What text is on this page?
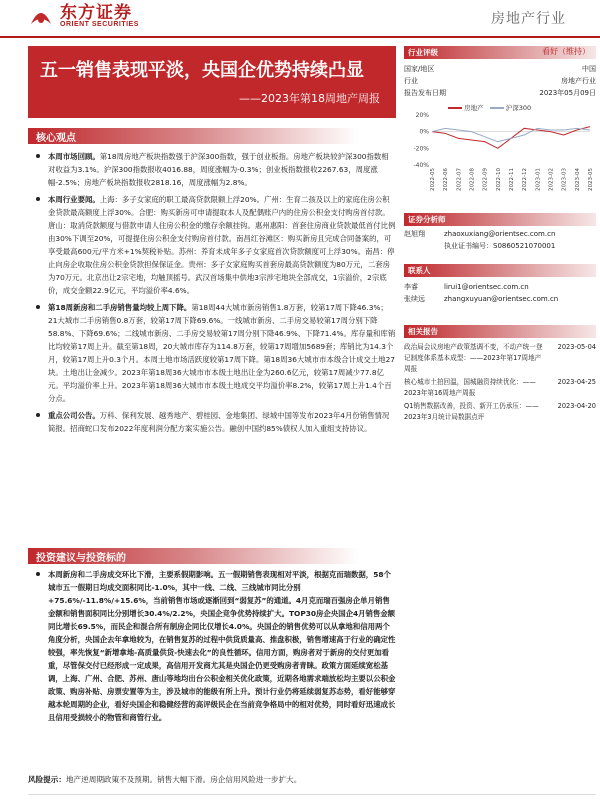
东方证券
ORIENT SECURITIES	房地产行业
五一销售表现平淡，央国企优势持续凸显
——2023年第18周地产周报
核心观点
本周市场回顾。第18周房地产板块指数强于沪深300指数，强于创业板指。房地产板块较沪深300指数相对收益为3.1%。沪深300指数报收4016.88，周度涨幅为-0.3%；创业板指数报收2267.63，周度涨幅-2.5%；房地产板块指数报收2818.16，周度涨幅为2.8%。
本周行业要闻。上海：多子女家庭的职工最高贷款限额上浮20%。广州：生育二孩及以上的家庭住房公积金贷款最高额度上浮30%。合肥：购买新房可申请提取本人及配偶账户内的住房公积金支付购房首付款。唐山：取消贷款额度与借款申请人住房公积金的缴存余额挂钩。惠州惠阳：首套住房商业贷款最低首付比例由30%下调至20%，可提提住房公积金支付购房首付款。南昌红谷滩区：购买新房且完成合同备案的，可享受最高600元/平方米+1%契税补贴。苏州：养育未成年多子女家庭首次贷款额度可上浮30%。南昌：停止向房企收取住房公积金贷款担保保证金。贵州：多子女家庭购买首套房最高贷款额度为80万元，二套房为70万元。北京出让2宗宅地，均触顶摇号。武汉首场集中供地3宗涉宅地块全部成交，1宗溢价，2宗底价，成交金额22.9亿元，平均溢价率4.6%。
第18周新房和二手房销售量均较上周下降。第18周44大城市新房销售1.8万套，较第17周下降46.3%；21大城市二手房销售0.8万套，较第17周下降69.6%。一线城市新房、二手房交易较第17周分别下降58.8%、下降69.6%；二线城市新房、二手房交易较第17周分别下降46.9%、下降71.4%。库存量和库销比均较第17周上升。截至第18周，20大城市库存为114.8万套，较第17周增加5689套；库销比为14.3个月，较第17周上升0.3个月。本周土地市场活跃度较第17周下降。第18周36大城市市本级合计成交土地27块。土地出让金减少。2023年第18周36大城市市本级土地出让金为260.6亿元，较第17周减少77.8亿元。平均溢价率上升。2023年第18周36大城市市本级土地成交平均溢价率8.2%，较第17周上升1.4个百分点。
重点公司公告。万科、保利发展、越秀地产、碧桂园、金地集团、绿城中国等发布2023年4月份销售情况简报。招商蛇口发布2022年度利润分配方案实施公告。融创中国约85%债权人加入重组支持协议。
投资建议与投资标的
本周新房和二手房成交环比下滑，主要系假期影响。五一假期销售表现相对平淡，根据克而瑞数据，58个城市五一假期日均成交面积同比-1.0%，其中一线、二线、三线城市同比分别+75.6%/-11.8%/+15.6%，当前销售市场或逐渐回到“弱复苏”的通道。4月克而瑞百强房企单月销售金额和销售面积同比分别增长30.4%/2.2%，央国企竞争优势持续扩大。TOP30房企央国企4月销售金额同比增长69.5%，而民企和混合所有制房企同比仅增长4.0%。央国企的销售优势可以从拿地和信用两个角度分析，央国企去年拿地较为，在销售复苏的过程中供货质量高、推盘积极，销售增速高于行业的确定性较强，率先恢复“新增拿地-高质量供货-快速去化”的良性循环。信用方面，购房者对于新房的交付更加看重，尽管保交付已经形成一定成果，高信用开发商尤其是央国企仍更受购房者青睐。政策方面延续宽松基调，上海、广州、合肥、苏州、唐山等地均出台公积金相关优化政策，近期各地需求端放松均主要以公积金政策、购房补贴、房票安置等为主，涉及城市的能级有所上升。预计行业仍将延续弱复苏态势，看好能够穿越本轮周期的企业，看好央国企和稳健经营的高评级民企在当前竞争格局中的相对优势，同时看好迅速成长且信用受损较小的物管和商管行业。
风险提示：地产逆周期政策不及预期。销售大幅下滑。房企信用风险进一步扩大。
行业评级	看好（维持）
国家/地区	中国
行业	房地产行业
报告发布日期	2023年05月09日
房地产	沪深300
20%
0%
-20%
-40%
2022-05 2022-06 2022-07 2022-08 2022-09 2022-10 2022-11 2022-12 2023-01 2023-02 2023-03 2023-04 2023-05
证券分析师
赵旭翔	zhaoxuxiang@orientsec.com.cn
执业证书编号：S0860521070001
联系人
李睿	lirui1@orientsec.com.cn
张续远	zhangxuyuan@orientsec.com.cn
相关报告
政治局会议房地产政策基调不变，不动产统一登记制度体系基本成型：——2023年第17周地产周报
2023-05-04
核心城市土拍回温，国城融资持续优化：——2023年第16周地产周报
2023-04-25
Q1销售数据改善，投资、新开工仍承压：——2023年3月统计局数据点评
2023-04-20
